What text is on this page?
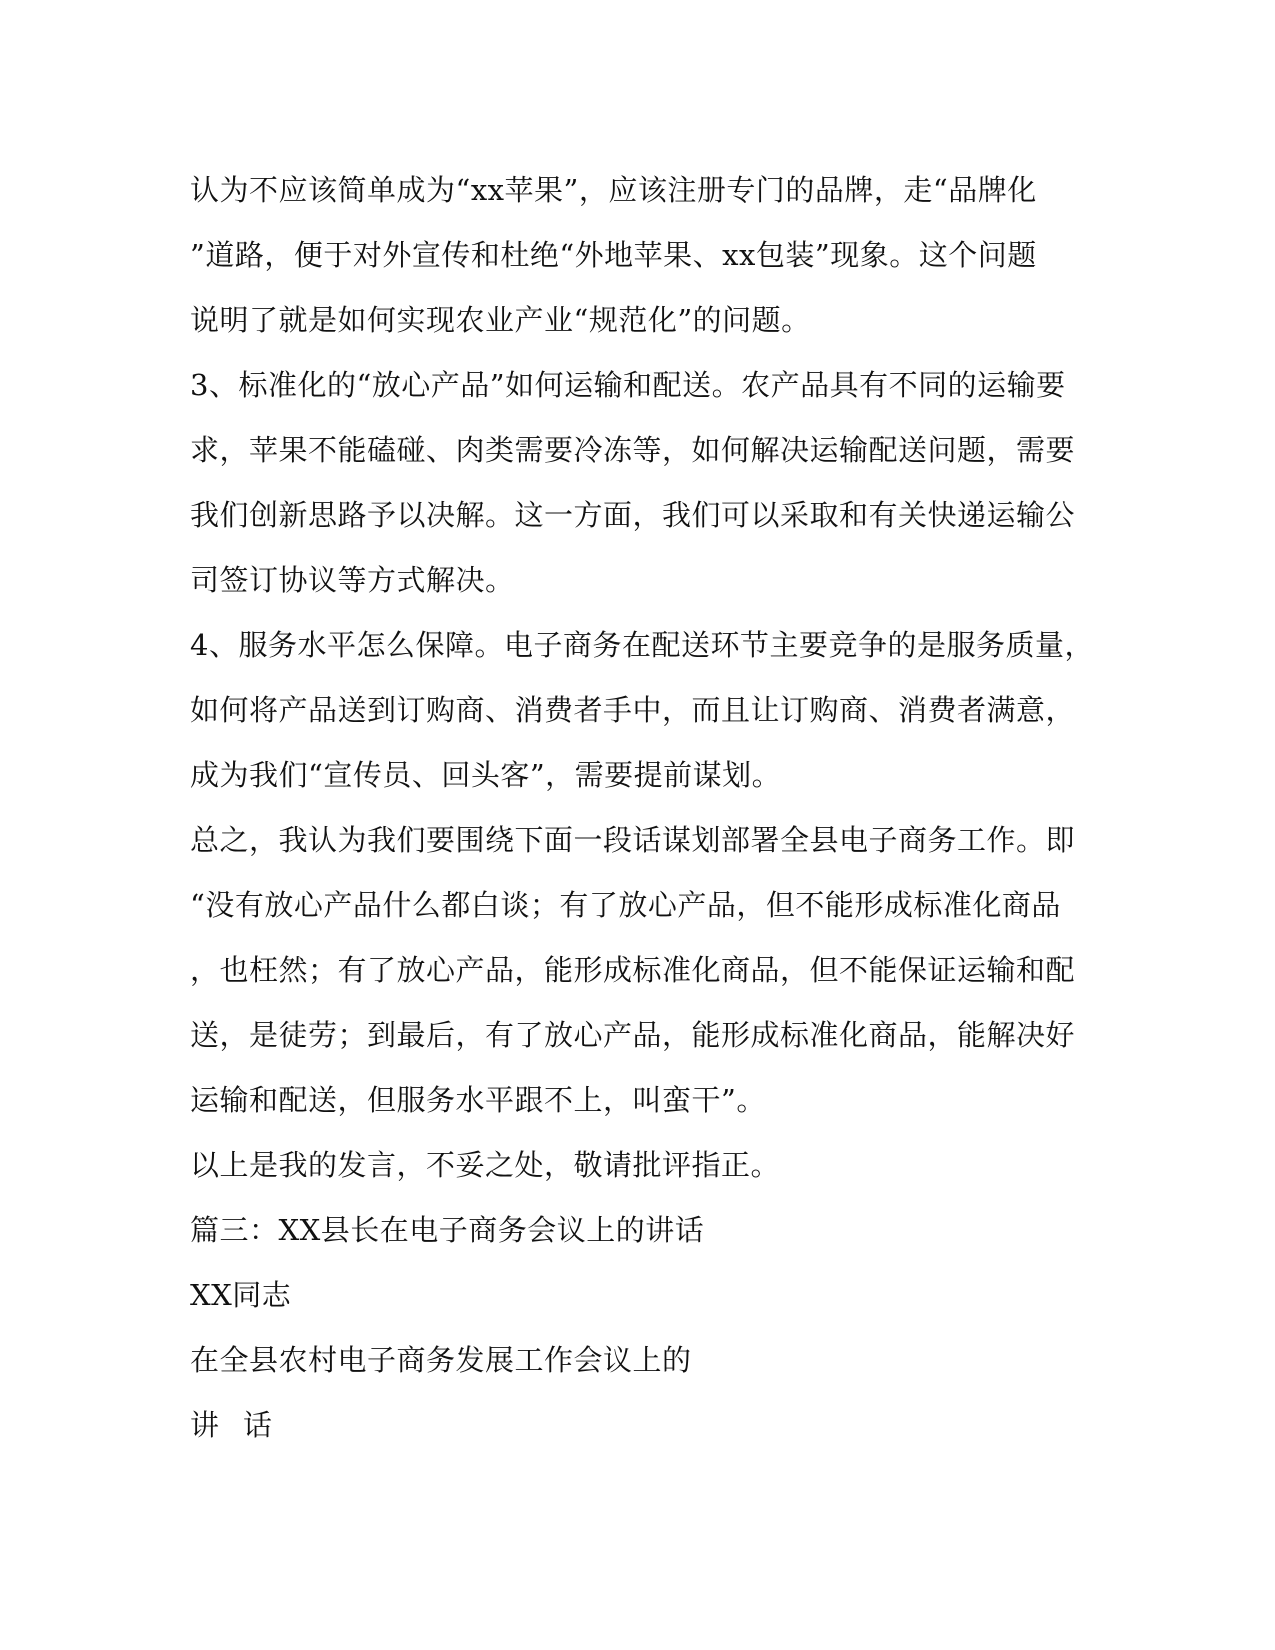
认为不应该简单成为“xx苹果”，应该注册专门的品牌，走“品牌化
”道路，便于对外宣传和杜绝“外地苹果、xx包装”现象。这个问题
说明了就是如何实现农业产业“规范化”的问题。
3、标准化的“放心产品”如何运输和配送。农产品具有不同的运输要
求，苹果不能磕碰、肉类需要冷冻等，如何解决运输配送问题，需要
我们创新思路予以决解。这一方面，我们可以采取和有关快递运输公
司签订协议等方式解决。
4、服务水平怎么保障。电子商务在配送环节主要竞争的是服务质量，
如何将产品送到订购商、消费者手中，而且让订购商、消费者满意，
成为我们“宣传员、回头客”，需要提前谋划。
总之，我认为我们要围绕下面一段话谋划部署全县电子商务工作。即
“没有放心产品什么都白谈；有了放心产品，但不能形成标准化商品
，也枉然；有了放心产品，能形成标准化商品，但不能保证运输和配
送，是徒劳；到最后，有了放心产品，能形成标准化商品，能解决好
运输和配送，但服务水平跟不上，叫蛮干”。
以上是我的发言，不妥之处，敬请批评指正。
篇三：XX县长在电子商务会议上的讲话
XX同志
在全县农村电子商务发展工作会议上的
讲话
